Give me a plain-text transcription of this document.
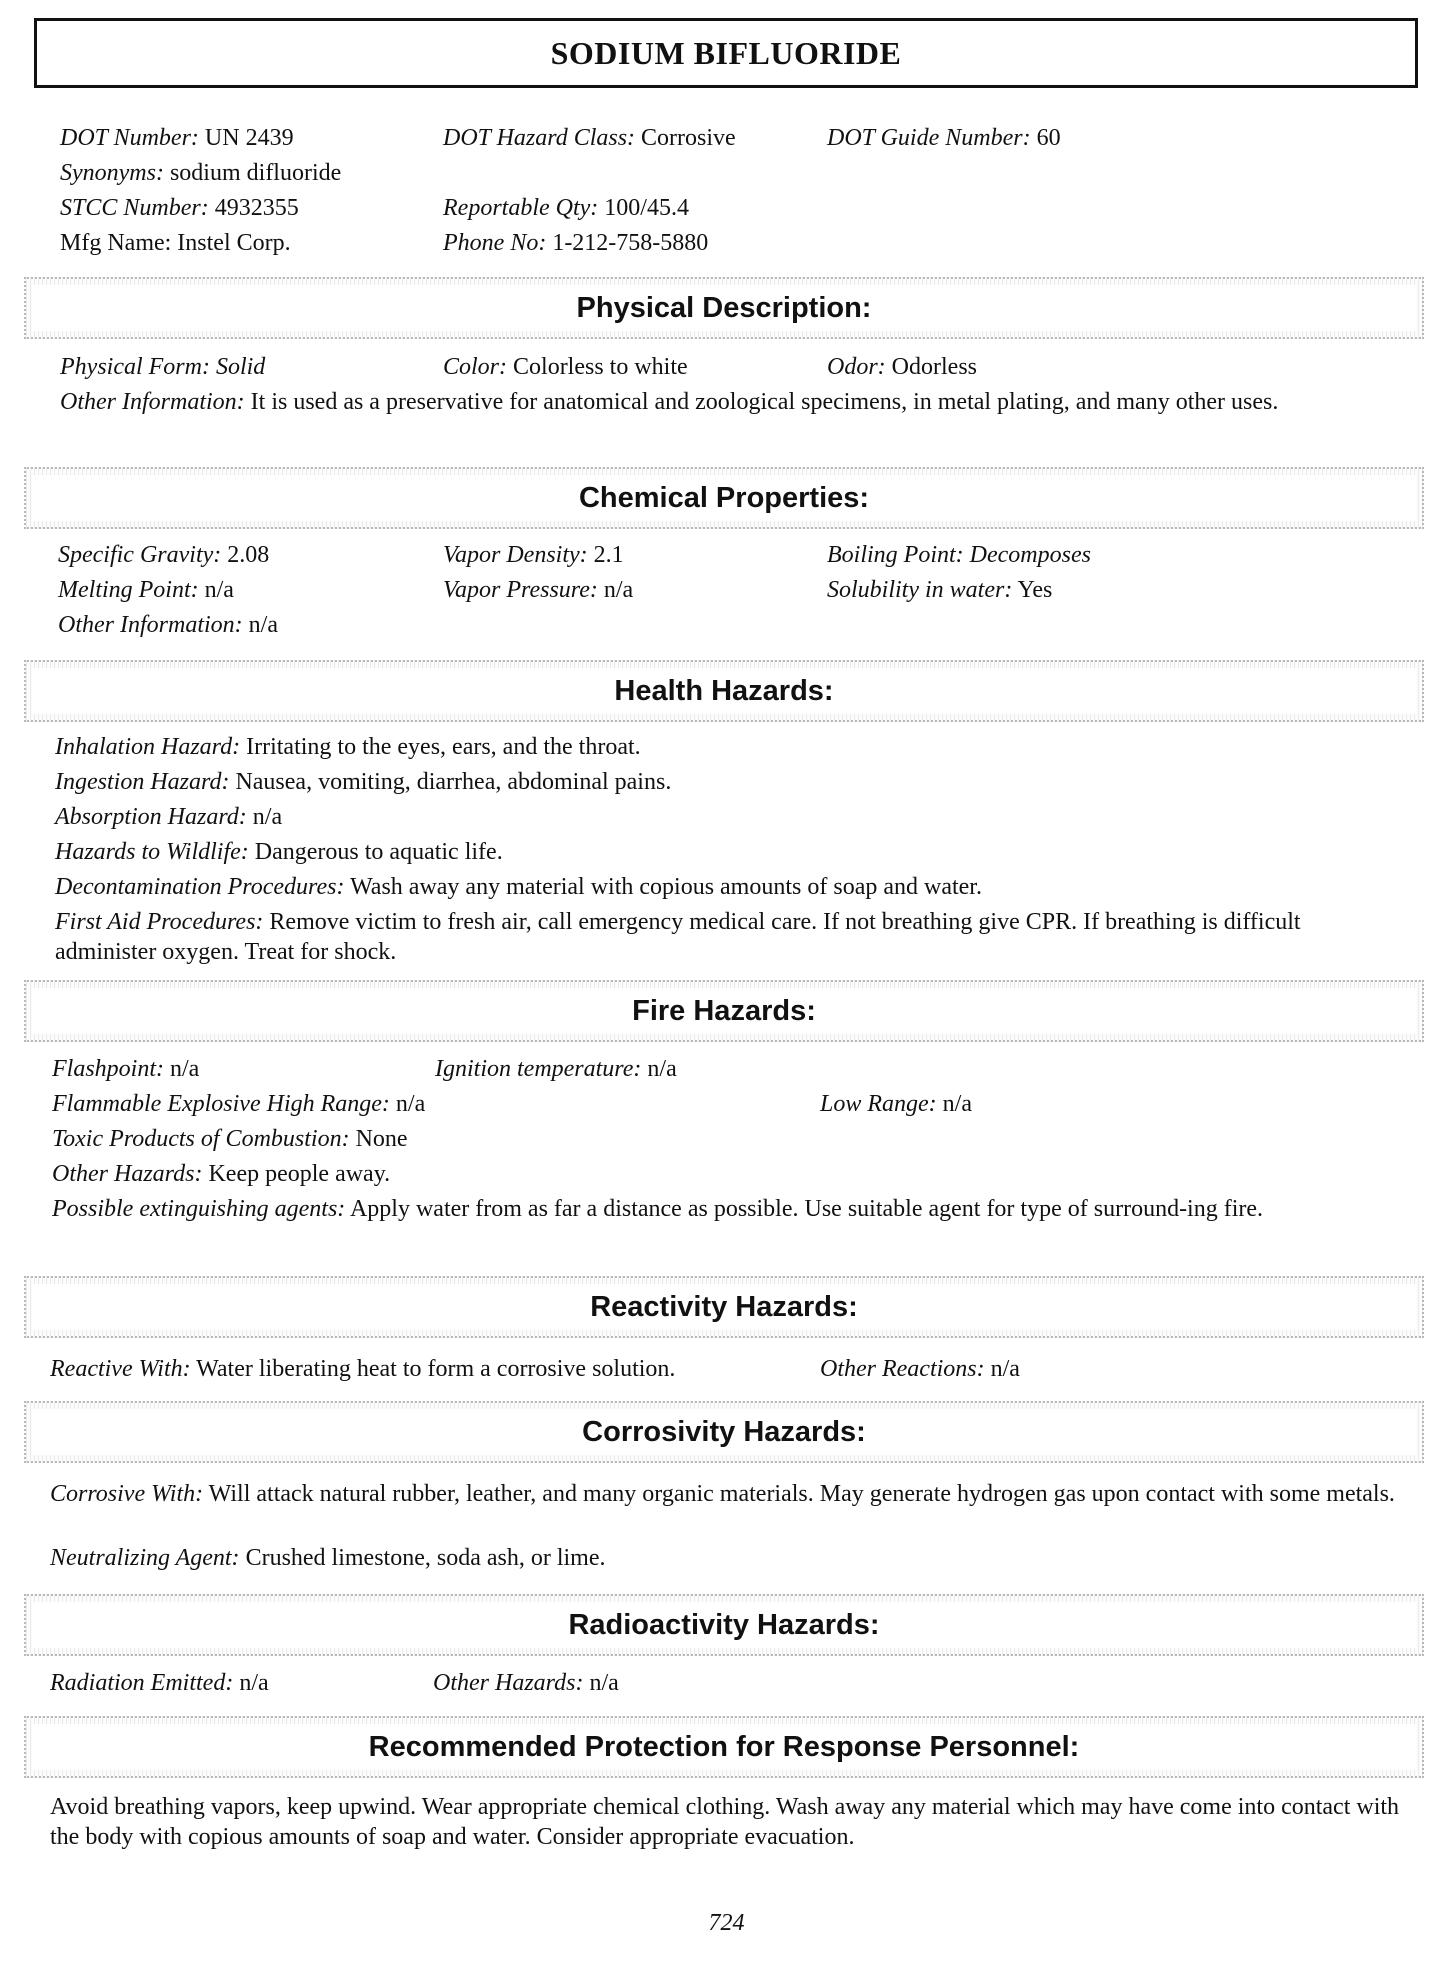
SODIUM BIFLUORIDE
DOT Number: UN 2439	DOT Hazard Class: Corrosive	DOT Guide Number: 60
Synonyms: sodium difluoride
STCC Number: 4932355	Reportable Qty: 100/45.4
Mfg Name: Instel Corp.	Phone No: 1-212-758-5880
Physical Description:
Physical Form: Solid	Color: Colorless to white	Odor: Odorless
Other Information: It is used as a preservative for anatomical and zoological specimens, in metal plating, and many other uses.
Chemical Properties:
Specific Gravity: 2.08	Vapor Density: 2.1	Boiling Point: Decomposes
Melting Point: n/a	Vapor Pressure: n/a	Solubility in water: Yes
Other Information: n/a
Health Hazards:
Inhalation Hazard: Irritating to the eyes, ears, and the throat.
Ingestion Hazard: Nausea, vomiting, diarrhea, abdominal pains.
Absorption Hazard: n/a
Hazards to Wildlife: Dangerous to aquatic life.
Decontamination Procedures: Wash away any material with copious amounts of soap and water.
First Aid Procedures: Remove victim to fresh air, call emergency medical care. If not breathing give CPR. If breathing is difficult administer oxygen. Treat for shock.
Fire Hazards:
Flashpoint: n/a	Ignition temperature: n/a
Flammable Explosive High Range: n/a	Low Range: n/a
Toxic Products of Combustion: None
Other Hazards: Keep people away.
Possible extinguishing agents: Apply water from as far a distance as possible. Use suitable agent for type of surround-ing fire.
Reactivity Hazards:
Reactive With: Water liberating heat to form a corrosive solution.	Other Reactions: n/a
Corrosivity Hazards:
Corrosive With: Will attack natural rubber, leather, and many organic materials. May generate hydrogen gas upon contact with some metals.
Neutralizing Agent: Crushed limestone, soda ash, or lime.
Radioactivity Hazards:
Radiation Emitted: n/a	Other Hazards: n/a
Recommended Protection for Response Personnel:
Avoid breathing vapors, keep upwind. Wear appropriate chemical clothing. Wash away any material which may have come into contact with the body with copious amounts of soap and water. Consider appropriate evacuation.
724
